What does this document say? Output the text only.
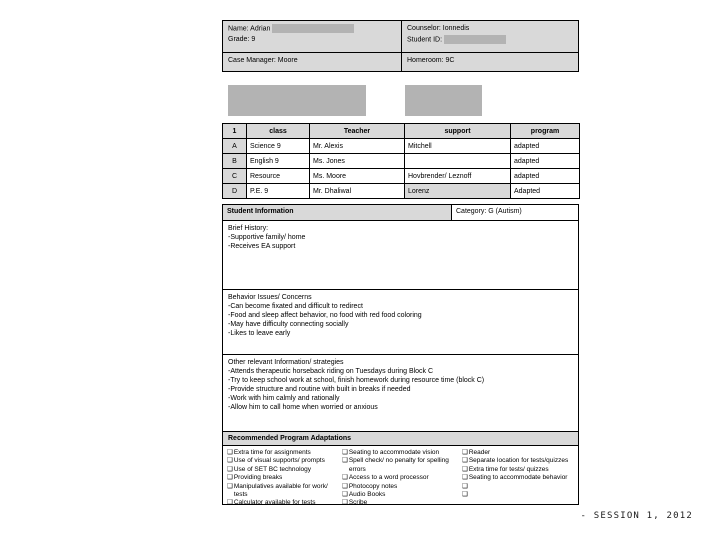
Name: Adrian
Grade: 9
Counselor: Ionnedis
Student ID:
Case Manager: Moore	Homeroom: 9C
1	class	Teacher	support	program
A	Science 9	Mr. Alexis	Mitchell	adapted
B	English 9	Ms. Jones		adapted
C	Resource	Ms. Moore	Hovbrender/ Leznoff	adapted
D	P.E. 9	Mr. Dhaliwal	Lorenz	Adapted
Student Information	Category: G (Autism)
Brief History:
-Supportive family/ home
-Receives EA support
Behavior Issues/ Concerns
-Can become fixated and difficult to redirect
-Food and sleep affect behavior, no food with red food coloring
-May have difficulty connecting socially
-Likes to leave early
Other relevant Information/ strategies
-Attends therapeutic horseback riding on Tuesdays during Block C
-Try to keep school work at school, finish homework during resource time (block C)
-Provide structure and routine with built in breaks if needed
-Work with him calmly and rationally
-Allow him to call home when worried or anxious
Recommended Program Adaptations
❑ Extra time for assignments
❑ Use of visual supports/ prompts
❑ Use of SET BC technology
❑ Providing breaks
❑ Manipulatives available for work/ tests
❑ Calculator available for tests
❑ Seating to accommodate vision
❑ Spell check/ no penalty for spelling errors
❑ Access to a word processor
❑ Photocopy notes
❑ Audio Books
❑ Scribe
❑ Reader
❑ Separate location for tests/quizzes
❑ Extra time for tests/ quizzes
❑ Seating to accommodate behavior
❑
❑
- SESSION 1, 2012
